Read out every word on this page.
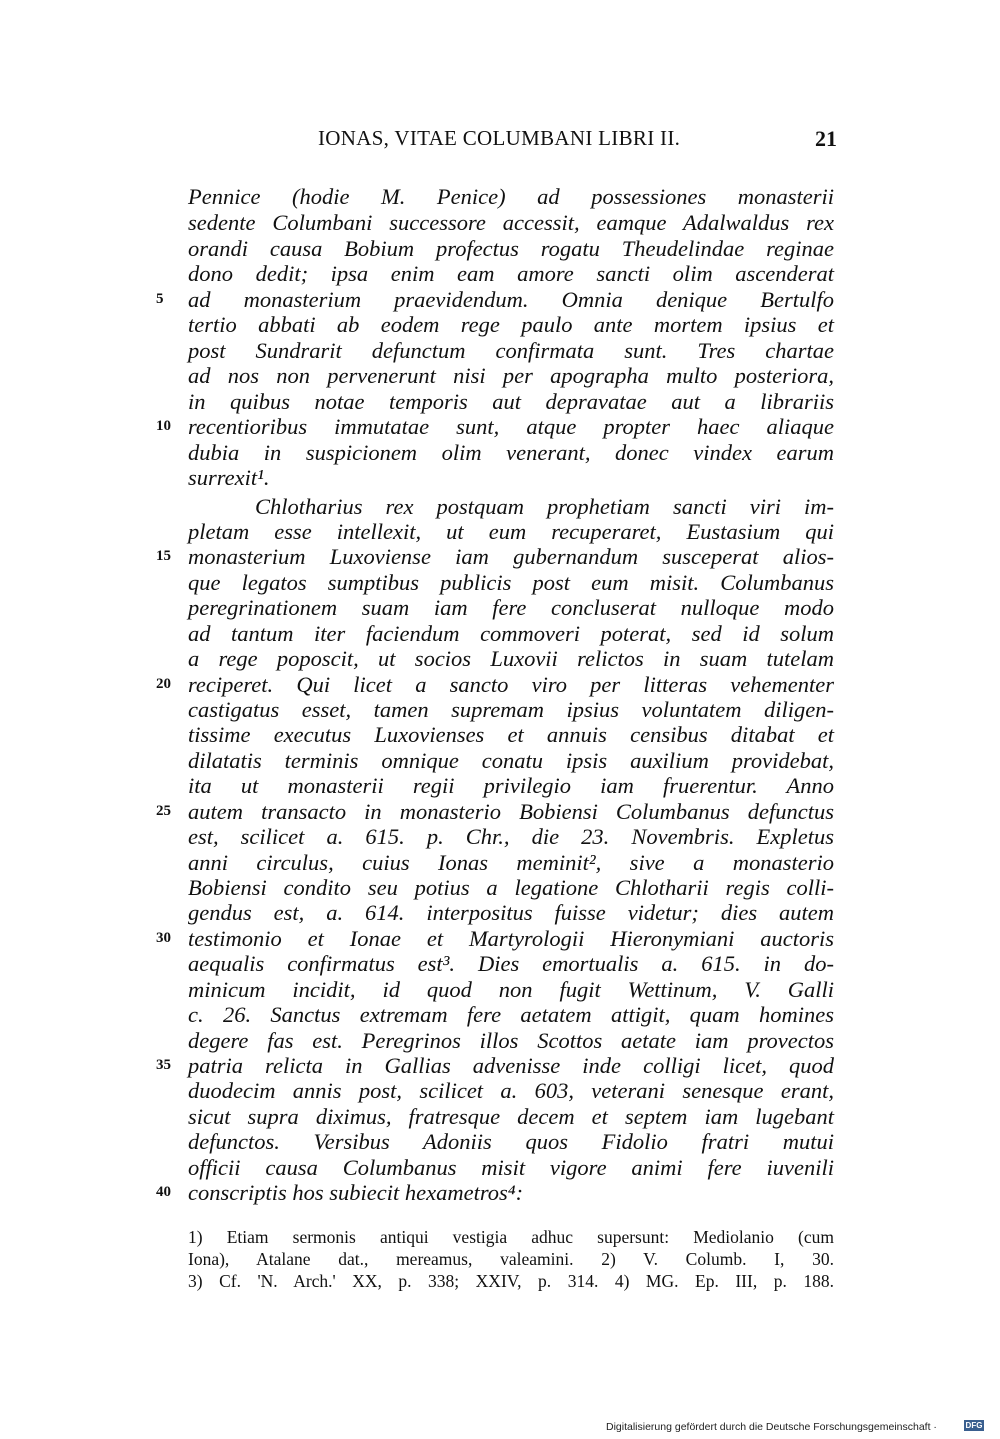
IONAS, VITAE COLUMBANI LIBRI II.	21
Pennice (hodie M. Penice) ad possessiones monasterii
sedente Columbani successore accessit, eamque Adalwaldus rex
orandi causa Bobium profectus rogatu Theudelindae reginae
dono dedit; ipsa enim eam amore sancti olim ascenderat
5	ad monasterium praevidendum. Omnia denique Bertulfo
tertio abbati ab eodem rege paulo ante mortem ipsius et
post Sundrarit defunctum confirmata sunt. Tres chartae
ad nos non pervenerunt nisi per apographa multo posteriora,
in quibus notae temporis aut depravatae aut a librariis
10 recentioribus immutatae sunt, atque propter haec aliaque
dubia in suspicionem olim venerant, donec vindex earum
surrexit¹.
Chlotharius rex postquam prophetiam sancti viri im-
pletam esse intellexit, ut eum recuperaret, Eustasium qui
15 monasterium Luxoviense iam gubernandum susceperat alios-
que legatos sumptibus publicis post eum misit. Columbanus
peregrinationem suam iam fere concluserat nulloque modo
ad tantum iter faciendum commoveri poterat, sed id solum
a rege poposcit, ut socios Luxovii relictos in suam tutelam
20 reciperet. Qui licet a sancto viro per litteras vehementer
castigatus esset, tamen supremam ipsius voluntatem diligen-
tissime executus Luxovienses et annuis censibus ditabat et
dilatatis terminis omnique conatu ipsis auxilium providebat,
ita ut monasterii regii privilegio iam fruerentur. Anno
25 autem transacto in monasterio Bobiensi Columbanus defunctus
est, scilicet a. 615. p. Chr., die 23. Novembris. Expletus
anni circulus, cuius Ionas meminit², sive a monasterio
Bobiensi condito seu potius a legatione Chlotharii regis colli-
gendus est, a. 614. interpositus fuisse videtur; dies autem
30 testimonio et Ionae et Martyrologii Hieronymiani auctoris
aequalis confirmatus est³. Dies emortualis a. 615. in do-
minicum incidit, id quod non fugit Wettinum, V. Galli
c. 26. Sanctus extremam fere aetatem attigit, quam homines
degere fas est. Peregrinos illos Scottos aetate iam provectos
35 patria relicta in Gallias advenisse inde colligi licet, quod
duodecim annis post, scilicet a. 603, veterani senesque erant,
sicut supra diximus, fratresque decem et septem iam lugebant
defunctos. Versibus Adoniis quos Fidolio fratri mutui
officii causa Columbanus misit vigore animi fere iuvenili
40 conscriptis hos subiecit hexametros⁴:
1) Etiam sermonis antiqui vestigia adhuc supersunt: Mediolanio (cum
Iona), Atalane dat., mereamus, valeamini. 2) V. Columb. I, 30.
3) Cf. 'N. Arch.' XX, p. 338; XXIV, p. 314. 4) MG. Ep. III, p. 188.
Digitalisierung gefördert durch die Deutsche Forschungsgemeinschaft ·	DFG
